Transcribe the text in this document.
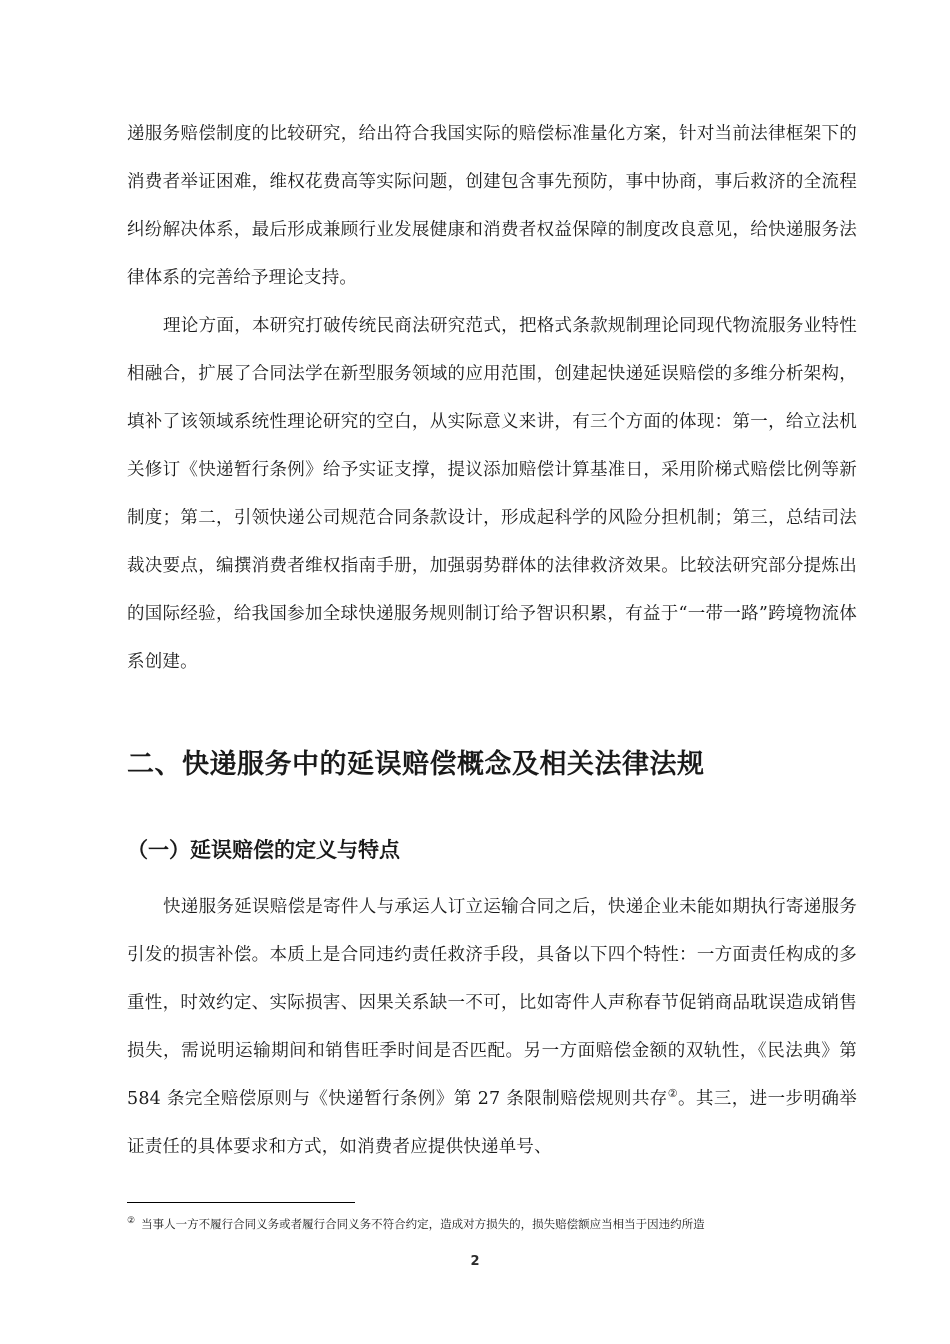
递服务赔偿制度的比较研究，给出符合我国实际的赔偿标准量化方案，针对当前法律框架下的消费者举证困难，维权花费高等实际问题，创建包含事先预防，事中协商，事后救济的全流程纠纷解决体系，最后形成兼顾行业发展健康和消费者权益保障的制度改良意见，给快递服务法律体系的完善给予理论支持。

理论方面，本研究打破传统民商法研究范式，把格式条款规制理论同现代物流服务业特性相融合，扩展了合同法学在新型服务领域的应用范围，创建起快递延误赔偿的多维分析架构，填补了该领域系统性理论研究的空白，从实际意义来讲，有三个方面的体现：第一，给立法机关修订《快递暂行条例》给予实证支撑，提议添加赔偿计算基准日，采用阶梯式赔偿比例等新制度；第二，引领快递公司规范合同条款设计，形成起科学的风险分担机制；第三，总结司法裁决要点，编撰消费者维权指南手册，加强弱势群体的法律救济效果。比较法研究部分提炼出的国际经验，给我国参加全球快递服务规则制订给予智识积累，有益于“一带一路”跨境物流体系创建。

二、快递服务中的延误赔偿概念及相关法律法规
（一）延误赔偿的定义与特点

快递服务延误赔偿是寄件人与承运人订立运输合同之后，快递企业未能如期执行寄递服务引发的损害补偿。本质上是合同违约责任救济手段，具备以下四个特性：一方面责任构成的多重性，时效约定、实际损害、因果关系缺一不可，比如寄件人声称春节促销商品耽误造成销售损失，需说明运输期间和销售旺季时间是否匹配。另一方面赔偿金额的双轨性，《民法典》第 584 条完全赔偿原则与《快递暂行条例》第 27 条限制赔偿规则共存②。其三，进一步明确举证责任的具体要求和方式，如消费者应提供快递单号、

② 当事人一方不履行合同义务或者履行合同义务不符合约定，造成对方损失的，损失赔偿额应当相当于因违约所造

2
